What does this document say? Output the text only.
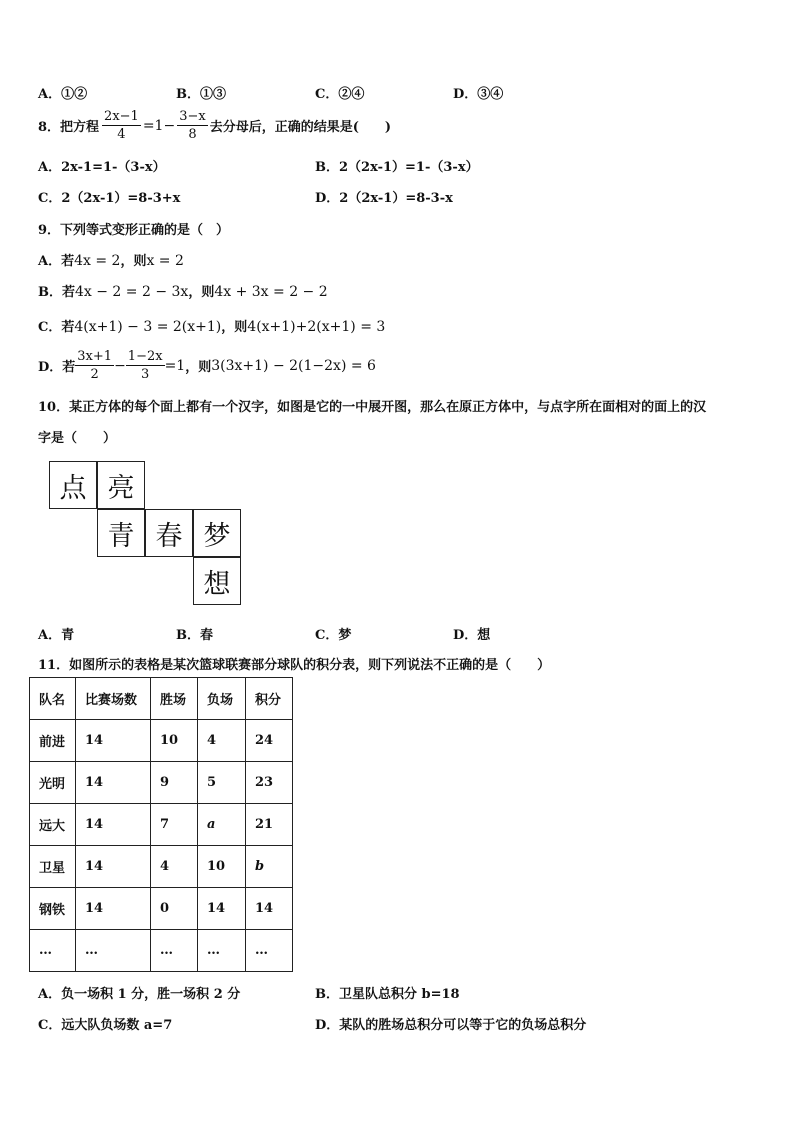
A．①②	B．①③	C．②④	D．③④
8．把方程 $\frac{2x-1}{4} =1- \frac{3-x}{8}$ 去分母后，正确的结果是(　　)
A．2x-1=1-（3-x）	B．2（2x-1）=1-（3-x）
C．2（2x-1）=8-3+x	D．2（2x-1）=8-3-x
9．下列等式变形正确的是（　）
A．若4x = 2，则x = 2
B．若4x − 2 = 2 − 3x，则4x + 3x = 2 − 2
C．若4(x+1) − 3 = 2(x+1)，则4(x+1)+2(x+1) = 3
D．若 $\frac{3x+1}{2} - \frac{1-2x}{3} =1$ ，则 3(3x+1) − 2(1−2x) = 6
10．某正方体的每个面上都有一个汉字，如图是它的一中展开图，那么在原正方体中，与点字所在面相对的面上的汉
字是（　　）
点 亮
青 春 梦
想
A．青	B．春	C．梦	D．想
11．如图所示的表格是某次篮球联赛部分球队的积分表，则下列说法不正确的是（　　）
队名	比赛场数	胜场	负场	积分
前进	14	10	4	24
光明	14	9	5	23
远大	14	7	a	21
卫星	14	4	10	b
钢铁	14	0	14	14
…	…	…	…	…
A．负一场积 1 分，胜一场积 2 分	B．卫星队总积分 b=18
C．远大队负场数 a=7	D．某队的胜场总积分可以等于它的负场总积分
